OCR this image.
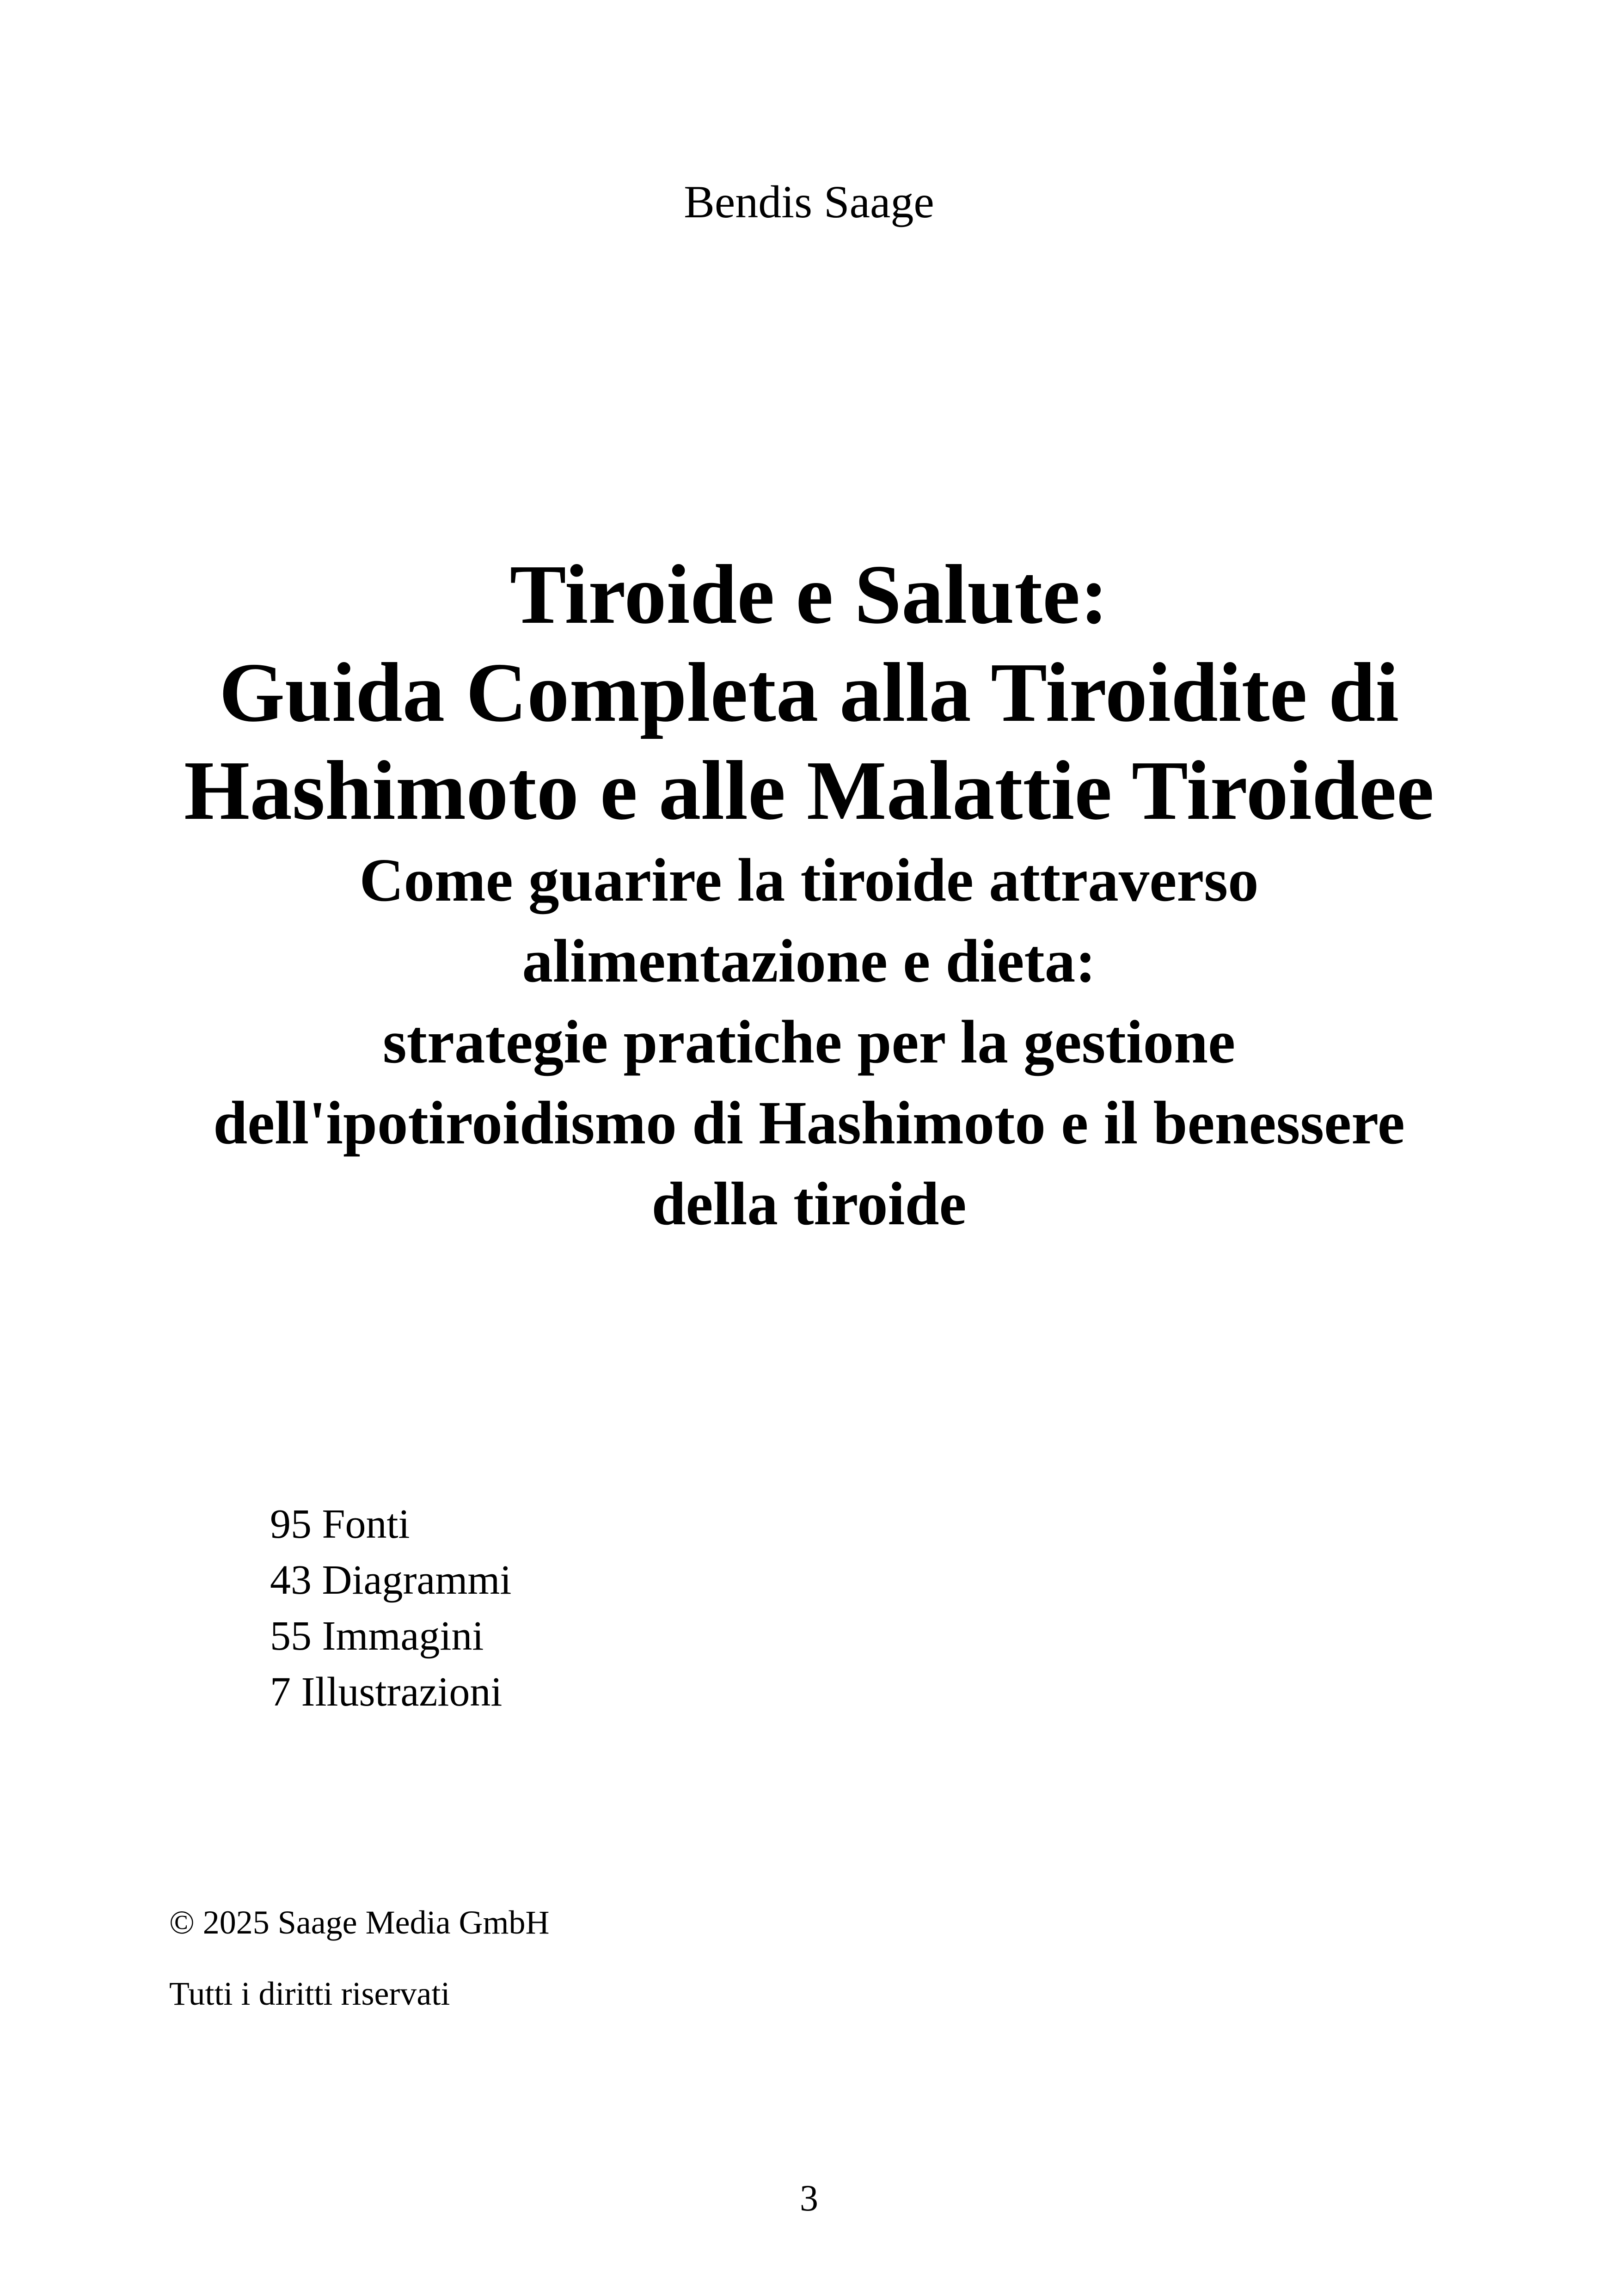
Bendis Saage
Tiroide e Salute:
Guida Completa alla Tiroidite di
Hashimoto e alle Malattie Tiroidee
Come guarire la tiroide attraverso
alimentazione e dieta:
strategie pratiche per la gestione
dell'ipotiroidismo di Hashimoto e il benessere
della tiroide
95 Fonti
43 Diagrammi
55 Immagini
7 Illustrazioni
© 2025 Saage Media GmbH
Tutti i diritti riservati
3
